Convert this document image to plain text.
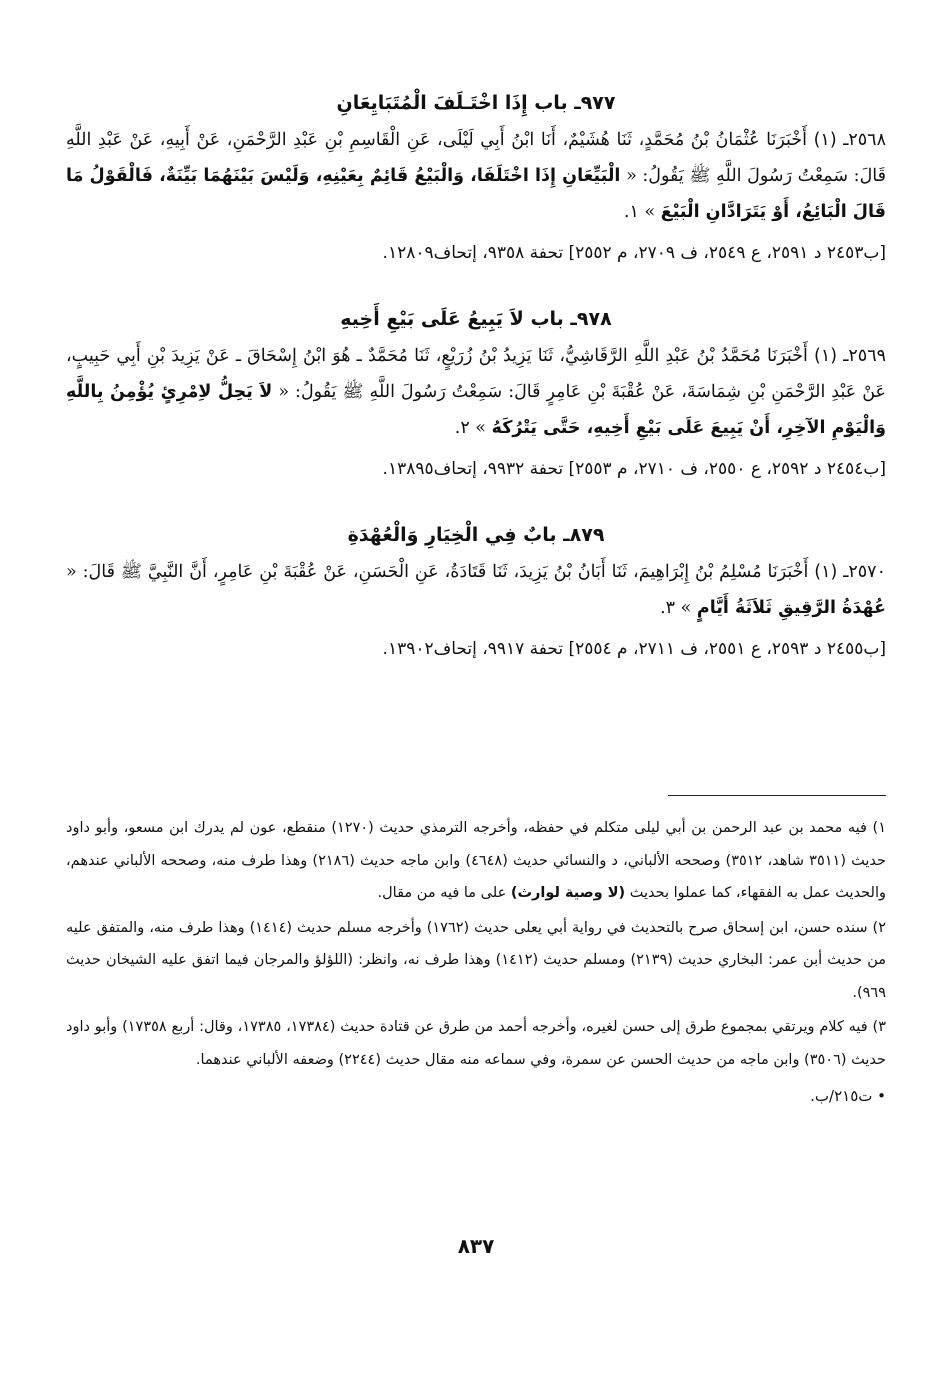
٩٧٧ـ باب إِذَا اخْتَـلَفَ الْمُتَبَايِعَانِ

٢٥٦٨ـ (١) أَخْبَرَنَا عُثْمَانُ بْنُ مُحَمَّدٍ، ثَنَا هُشَيْمٌ، أَنَا ابْنُ أَبِي لَيْلَى، عَنِ الْقَاسِمِ بْنِ عَبْدِ الرَّحْمَنِ، عَنْ أَبِيهِ، عَنْ عَبْدِ اللَّهِ قَالَ: سَمِعْتُ رَسُولَ اللَّهِ ﷺ يَقُولُ: « الْبَيِّعَانِ إِذَا اخْتَلَفَا، وَالْبَيْعُ قَائِمٌ بِعَيْنِهِ، وَلَيْسَ بَيْنَهُمَا بَيِّنَةٌ، فَالْقَوْلُ مَا قَالَ الْبَائِعُ، أَوْ يَتَرَادَّانِ الْبَيْعَ » ١.

[ب٢٤٥٣ د ٢٥٩١، ع ٢٥٤٩، ف ٢٧٠٩، م ٢٥٥٢] تحفة ٩٣٥٨، إتحاف١٢٨٠٩.

٩٧٨ـ باب لاَ يَبِيعُ عَلَى بَيْعِ أَخِيهِ

٢٥٦٩ـ (١) أَخْبَرَنَا مُحَمَّدُ بْنُ عَبْدِ اللَّهِ الرَّقَاشِيُّ، ثَنَا يَزِيدُ بْنُ زُرَيْعٍ، ثَنَا مُحَمَّدٌ ـ هُوَ ابْنُ إِسْحَاقَ ـ عَنْ يَزِيدَ بْنِ أَبِي حَبِيبٍ، عَنْ عَبْدِ الرَّحْمَنِ بْنِ شِمَاسَةَ، عَنْ عُقْبَةَ بْنِ عَامِرٍ قَالَ: سَمِعْتُ رَسُولَ اللَّهِ ﷺ يَقُولُ: « لاَ يَحِلُّ لاِمْرِئٍ يُؤْمِنُ بِاللَّهِ وَالْيَوْمِ الآخِرِ، أَنْ يَبِيعَ عَلَى بَيْعِ أَخِيهِ، حَتَّى يَتْرُكَهُ » ٢.

[ب٢٤٥٤ د ٢٥٩٢، ع ٢٥٥٠، ف ٢٧١٠، م ٢٥٥٣] تحفة ٩٩٣٢، إتحاف١٣٨٩٥.

٨٧٩ـ بابٌ فِي الْخِيَارِ وَالْعُهْدَةِ

٢٥٧٠ـ (١) أَخْبَرَنَا مُسْلِمُ بْنُ إِبْرَاهِيمَ، ثَنَا أَبَانُ بْنُ يَزِيدَ، ثَنَا قَتَادَةُ، عَنِ الْحَسَنِ، عَنْ عُقْبَةَ بْنِ عَامِرٍ، أَنَّ النَّبِيَّ ﷺ قَالَ: « عُهْدَةُ الرَّقِيقِ ثَلاَثَةُ أَيَّامٍ » ٣.

[ب٢٤٥٥ د ٢٥٩٣، ع ٢٥٥١، ف ٢٧١١، م ٢٥٥٤] تحفة ٩٩١٧، إتحاف١٣٩٠٢.

١) فيه محمد بن عبد الرحمن بن أبي ليلى متكلم في حفظه، وأخرجه الترمذي حديث (١٢٧٠) منقطع، عون لم يدرك ابن مسعو، وأبو داود حديث (٣٥١١ شاهد، ٣٥١٢) وصححه الألباني، د والنسائي حديث (٤٦٤٨) وابن ماجه حديث (٢١٨٦) وهذا طرف منه، وصححه الألباني عندهم، والحديث عمل به الفقهاء، كما عملوا بحديث (لا وصية لوارث) على ما فيه من مقال.

٢) سنده حسن، ابن إسحاق صرح بالتحديث في رواية أبي يعلى حديث (١٧٦٢) وأخرجه مسلم حديث (١٤١٤) وهذا طرف منه، والمتفق عليه من حديث أبن عمر: البخاري حديث (٢١٣٩) ومسلم حديث (١٤١٢) وهذا طرف نه، وانظر: (اللؤلؤ والمرجان فيما اتفق عليه الشيخان حديث ٩٦٩).

٣) فيه كلام ويرتقي بمجموع طرق إلى حسن لغيره، وأخرجه أحمد من طرق عن قتادة حديث (١٧٣٨٤، ١٧٣٨٥، وقال: أربع ١٧٣٥٨) وأبو داود حديث (٣٥٠٦) وابن ماجه من حديث الحسن عن سمرة، وفي سماعه منه مقال حديث (٢٢٤٤) وضعفه الألباني عندهما.

• ت٢١٥/ب.
٨٣٧
